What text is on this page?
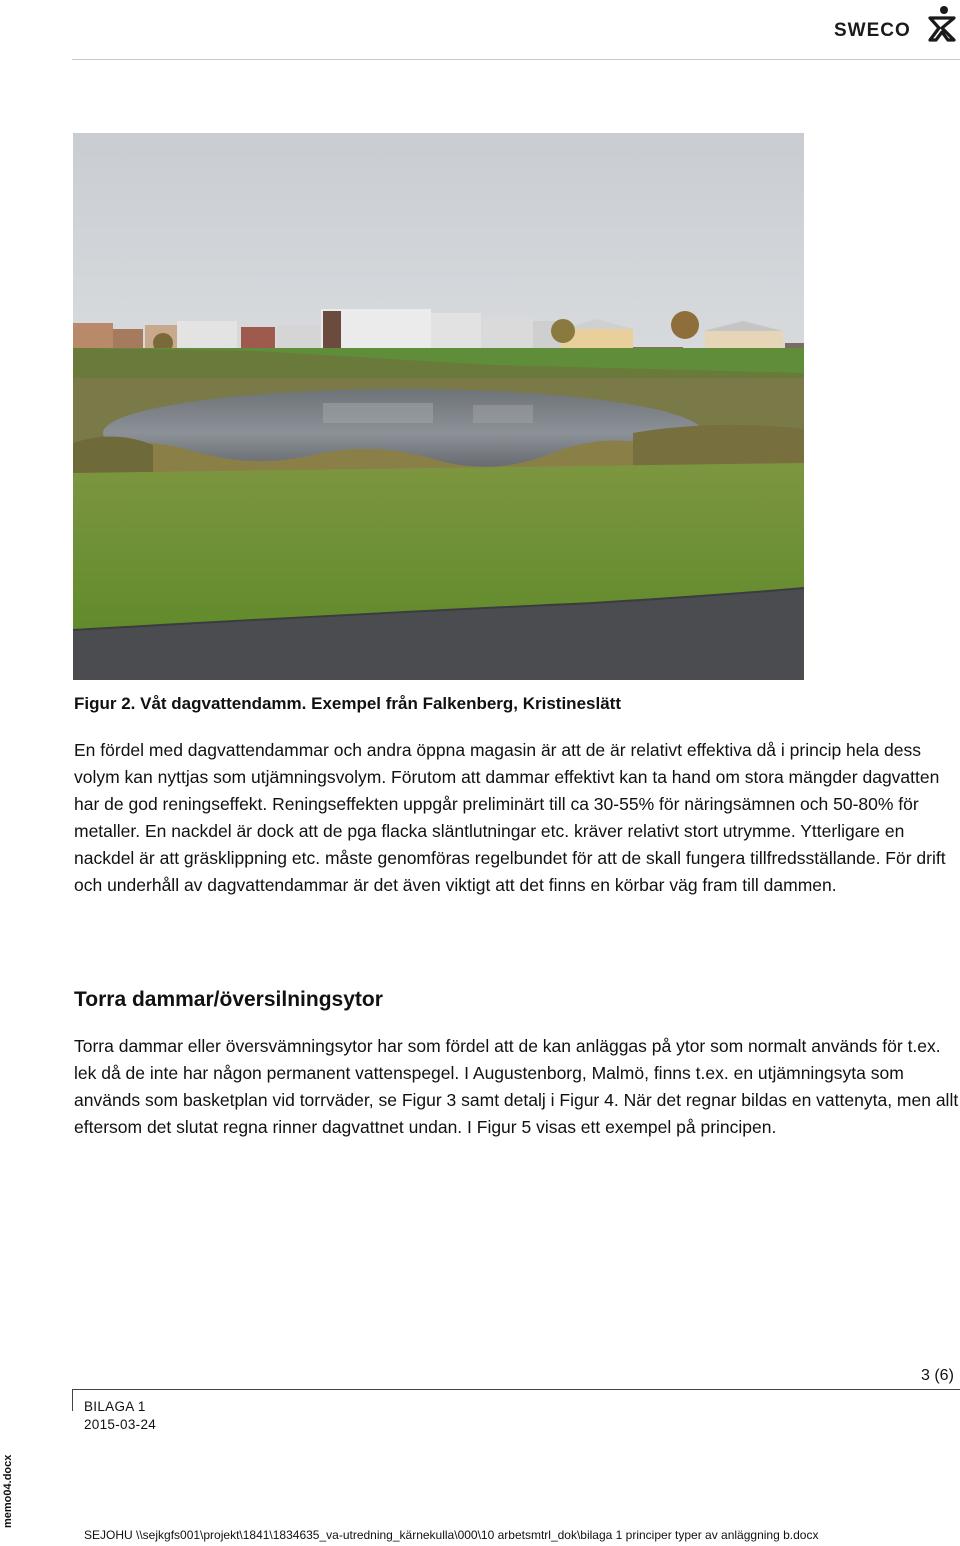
SWECO
Figur 2. Våt dagvattendamm. Exempel från Falkenberg, Kristineslätt
En fördel med dagvattendammar och andra öppna magasin är att de är relativt effektiva då i princip hela dess volym kan nyttjas som utjämningsvolym. Förutom att dammar effektivt kan ta hand om stora mängder dagvatten har de god reningseffekt. Reningseffekten uppgår preliminärt till ca 30-55% för näringsämnen och 50-80% för metaller. En nackdel är dock att de pga flacka släntlutningar etc. kräver relativt stort utrymme. Ytterligare en nackdel är att gräsklippning etc. måste genomföras regelbundet för att de skall fungera tillfredsställande. För drift och underhåll av dagvattendammar är det även viktigt att det finns en körbar väg fram till dammen.
Torra dammar/översilningsytor
Torra dammar eller översvämningsytor har som fördel att de kan anläggas på ytor som normalt används för t.ex. lek då de inte har någon permanent vattenspegel. I Augustenborg, Malmö, finns t.ex. en utjämningsyta som används som basketplan vid torrväder, se Figur 3 samt detalj i Figur 4. När det regnar bildas en vattenyta, men allt eftersom det slutat regna rinner dagvattnet undan. I Figur 5 visas ett exempel på principen.
3 (6)
memo04.docx
BILAGA 1
2015-03-24
SEJOHU \\sejkgfs001\projekt\1841\1834635_va-utredning_kärnekulla\000\10 arbetsmtrl_dok\bilaga 1 principer typer av anläggning b.docx
